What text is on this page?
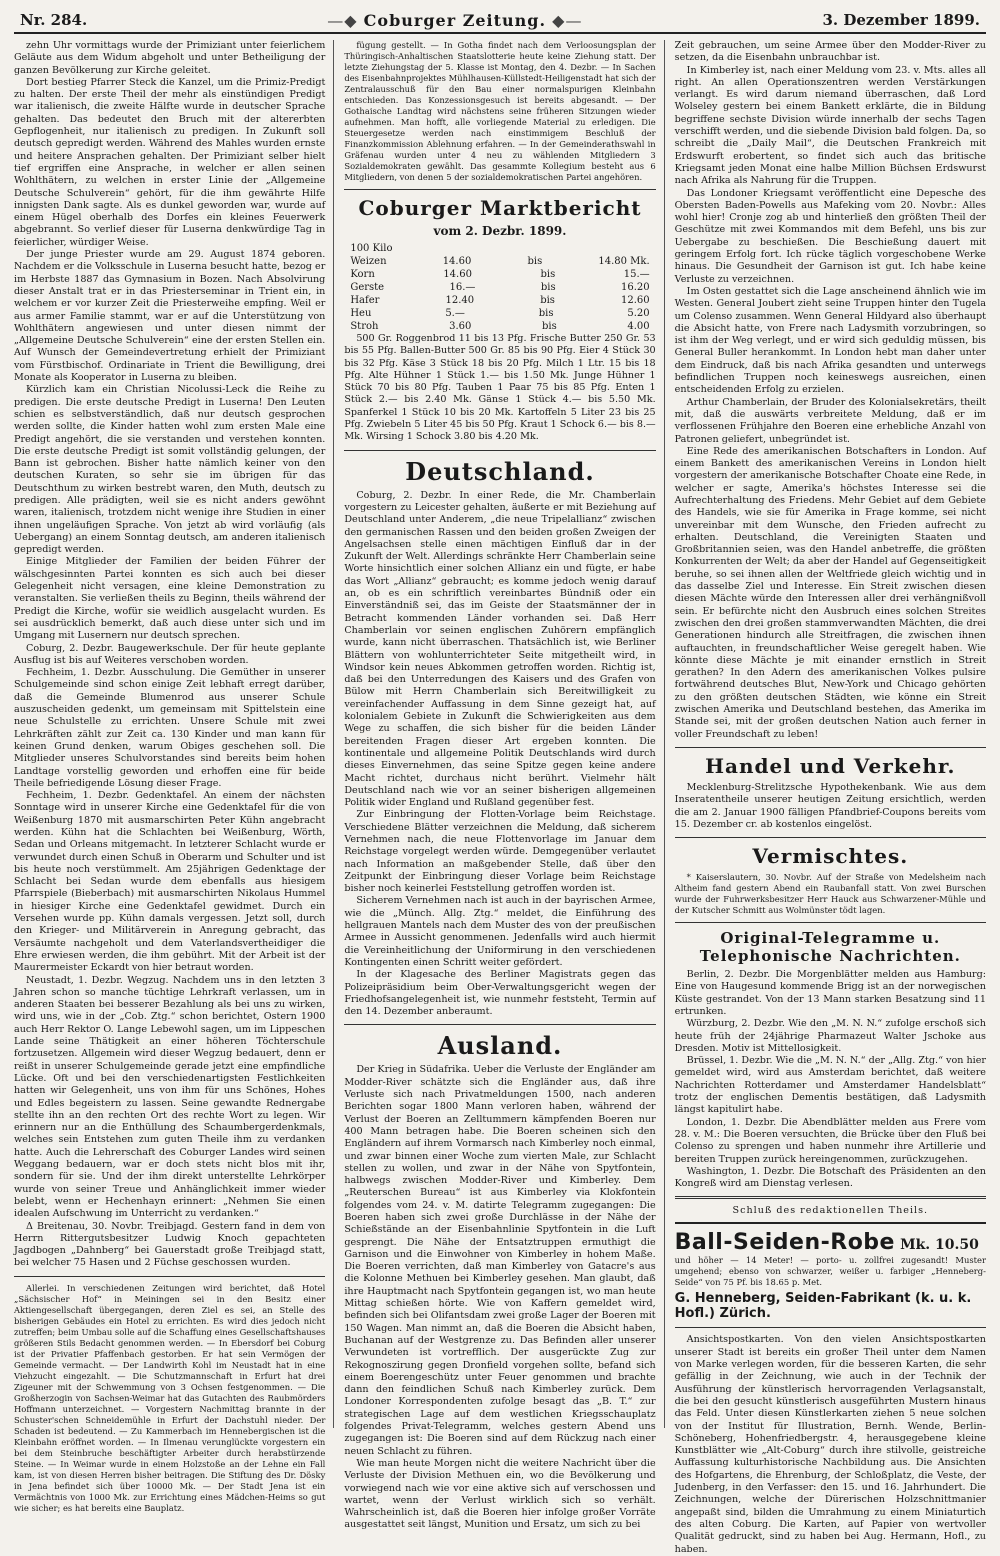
Nr. 284.	—◆ Coburger Zeitung. ◆—	3. Dezember 1899.

zehn Uhr vormittags wurde der Primiziant unter feierlichem Geläute aus dem Widum abgeholt und unter Betheiligung der ganzen Bevölkerung zur Kirche geleitet.

Dort bestieg Pfarrer Steck die Kanzel, um die Primiz-Predigt zu halten. Der erste Theil der mehr als einstündigen Predigt war italienisch, die zweite Hälfte wurde in deutscher Sprache gehalten. Das bedeutet den Bruch mit der altererbten Gepflogenheit, nur italienisch zu predigen. In Zukunft soll deutsch gepredigt werden. Während des Mahles wurden ernste und heitere Ansprachen gehalten. Der Primiziant selber hielt tief ergriffen eine Ansprache, in welcher er allen seinen Wohlthätern, zu welchen in erster Linie der „Allgemeine Deutsche Schulverein“ gehört, für die ihm gewährte Hilfe innigsten Dank sagte. Als es dunkel geworden war, wurde auf einem Hügel oberhalb des Dorfes ein kleines Feuerwerk abgebrannt. So verlief dieser für Luserna denkwürdige Tag in feierlicher, würdiger Weise.

Der junge Priester wurde am 29. August 1874 geboren. Nachdem er die Volksschule in Luserna besucht hatte, bezog er im Herbste 1887 das Gymnasium in Bozen. Nach Absolvirung dieser Anstalt trat er in das Priesterseminar in Trient ein, in welchem er vor kurzer Zeit die Priesterweihe empfing. Weil er aus armer Familie stammt, war er auf die Unterstützung von Wohlthätern angewiesen und unter diesen nimmt der „Allgemeine Deutsche Schulverein“ eine der ersten Stellen ein. Auf Wunsch der Gemeindevertretung erhielt der Primiziant vom Fürstbischof. Ordinariate in Trient die Bewilligung, drei Monate als Kooperator in Luserna zu bleiben.

Kürzlich kam ein Christian Nicolussi-Leck die Reihe zu predigen. Die erste deutsche Predigt in Luserna! Den Leuten schien es selbstverständlich, daß nur deutsch gesprochen werden sollte, die Kinder hatten wohl zum ersten Male eine Predigt angehört, die sie verstanden und verstehen konnten. Die erste deutsche Predigt ist somit vollständig gelungen, der Bann ist gebrochen. Bisher hatte nämlich keiner von den deutschen Kuraten, so sehr sie im übrigen für das Deutschthum zu wirken bestrebt waren, den Muth, deutsch zu predigen. Alle prädigten, weil sie es nicht anders gewöhnt waren, italienisch, trotzdem nicht wenige ihre Studien in einer ihnen ungeläufigen Sprache. Von jetzt ab wird vorläufig (als Uebergang) an einem Sonntag deutsch, am anderen italienisch gepredigt werden.

Einige Mitglieder der Familien der beiden Führer der wälschgesinnten Partei konnten es sich auch bei dieser Gelegenheit nicht versagen, eine kleine Demonstration zu veranstalten. Sie verließen theils zu Beginn, theils während der Predigt die Kirche, wofür sie weidlich ausgelacht wurden. Es sei ausdrücklich bemerkt, daß auch diese unter sich und im Umgang mit Lusernern nur deutsch sprechen.

Coburg, 2. Dezbr. Baugewerkschule. Der für heute geplante Ausflug ist bis auf Weiteres verschoben worden.

Fechheim, 1. Dezbr. Ausschulung. Die Gemüther in unserer Schulgemeinde sind schon einige Zeit lebhaft erregt darüber, daß die Gemeinde Blumenrod aus unserer Schule auszuscheiden gedenkt, um gemeinsam mit Spittelstein eine neue Schulstelle zu errichten. Unsere Schule mit zwei Lehrkräften zählt zur Zeit ca. 130 Kinder und man kann für keinen Grund denken, warum Obiges geschehen soll. Die Mitglieder unseres Schulvorstandes sind bereits beim hohen Landtage vorstellig geworden und erhoffen eine für beide Theile befriedigende Lösung dieser Frage.

Fechheim, 1. Dezbr. Gedenktafel. An einem der nächsten Sonntage wird in unserer Kirche eine Gedenktafel für die von Weißenburg 1870 mit ausmarschirten Peter Kühn angebracht werden. Kühn hat die Schlachten bei Weißenburg, Wörth, Sedan und Orleans mitgemacht. In letzterer Schlacht wurde er verwundet durch einen Schuß in Oberarm und Schulter und ist bis heute noch verstümmelt. Am 25jährigen Gedenktage der Schlacht bei Sedan wurde dem ebenfalls aus hiesigem Pfarrspiele (Bieberbach) mit ausmarschirten Nikolaus Hummel in hiesiger Kirche eine Gedenktafel gewidmet. Durch ein Versehen wurde pp. Kühn damals vergessen. Jetzt soll, durch den Krieger- und Militärverein in Anregung gebracht, das Versäumte nachgeholt und dem Vaterlandsvertheidiger die Ehre erwiesen werden, die ihm gebührt. Mit der Arbeit ist der Maurermeister Eckardt von hier betraut worden.

Neustadt, 1. Dezbr. Wegzug. Nachdem uns in den letzten 3 Jahren schon so manche tüchtige Lehrkraft verlassen, um in anderen Staaten bei besserer Bezahlung als bei uns zu wirken, wird uns, wie in der „Cob. Ztg.“ schon berichtet, Ostern 1900 auch Herr Rektor O. Lange Lebewohl sagen, um im Lippeschen Lande seine Thätigkeit an einer höheren Töchterschule fortzusetzen. Allgemein wird dieser Wegzug bedauert, denn er reißt in unserer Schulgemeinde gerade jetzt eine empfindliche Lücke. Oft und bei den verschiedenartigsten Festlichkeiten hatten wir Gelegenheit, uns von ihm für uns Schönes, Hohes und Edles begeistern zu lassen. Seine gewandte Rednergabe stellte ihn an den rechten Ort des rechte Wort zu legen. Wir erinnern nur an die Enthüllung des Schaumbergerdenkmals, welches sein Entstehen zum guten Theile ihm zu verdanken hatte. Auch die Lehrerschaft des Coburger Landes wird seinen Weggang bedauern, war er doch stets nicht blos mit ihr, sondern für sie. Und der ihm direkt unterstellte Lehrkörper wurde von seiner Treue und Anhänglichkeit immer wieder belebt, wenn er Hechenhayn erinnert: „Nehmen Sie einen idealen Aufschwung im Unterricht zu verdanken.“

Δ Breitenau, 30. Novbr. Treibjagd. Gestern fand in dem von Herrn Rittergutsbesitzer Ludwig Knoch gepachteten Jagdbogen „Dahnberg“ bei Gauerstadt große Treibjagd statt, bei welcher 75 Hasen und 2 Füchse geschossen wurden.

Allerlei. In verschiedenen Zeitungen wird berichtet, daß Hotel „Sächsischer Hof“ in Meiningen sei in den Besitz einer Aktiengesellschaft übergegangen, deren Ziel es sei, an Stelle des bisherigen Gebäudes ein Hotel zu errichten. Es wird dies jedoch nicht zutreffen; beim Umbau solle auf die Schaffung eines Gesellschaftshauses größeren Stils Bedacht genommen werden. — In Ebersdorf bei Coburg ist der Privatier Pfaffenbach gestorben. Er hat sein Vermögen der Gemeinde vermacht. — Der Landwirth Kohl im Neustadt hat in eine Viehzucht eingezahlt. — Die Schutzmannschaft in Erfurt hat drei Zigeuner mit der Schwemmung von 3 Ochsen festgenommen. — Die Großherzogin von Sachsen-Weimar hat das Gutachten des Raubmörders Hoffmann unterzeichnet. — Vorgestern Nachmittag brannte in der Schuster'schen Schneidemühle in Erfurt der Dachstuhl nieder. Der Schaden ist bedeutend. — Zu Kammerbach im Hennebergischen ist die Kleinbahn eröffnet worden. — In Ilmenau verunglückte vorgestern ein bei dem Steinbruche beschäftigter Arbeiter durch herabstürzende Steine. — In Weimar wurde in einem Holzstoße an der Lehne ein Fall kam, ist von diesen Herren bisher beitragen. Die Stiftung des Dr. Dösky in Jena befindet sich über 10000 Mk. — Der Stadt Jena ist ein Vermächtnis von 1000 Mk. zur Errichtung eines Mädchen-Heims so gut wie sicher; es hat bereits eine Bauplatz.

fügung gestellt. — In Gotha findet nach dem Verloosungsplan der Thüringisch-Anhaltischen Staatslotterie heute keine Ziehung statt. Der letzte Ziehungstag der 5. Klasse ist Montag, den 4. Dezbr. — In Sachen des Eisenbahnprojektes Mühlhausen-Küllstedt-Heiligenstadt hat sich der Zentralausschuß für den Bau einer normalspurigen Kleinbahn entschieden. Das Konzessionsgesuch ist bereits abgesandt. — Der Gothaische Landtag wird nächstens seine früheren Sitzungen wieder aufnehmen. Man hofft, alle vorliegende Material zu erledigen. Die Steuergesetze werden nach einstimmigem Beschluß der Finanzkommission Ablehnung erfahren. — In der Gemeinderathswahl in Gräfenau wurden unter 4 neu zu wählenden Mitgliedern 3 Sozialdemokraten gewählt. Das gesammte Kollegium besteht aus 6 Mitgliedern, von denen 5 der sozialdemokratischen Partei angehören.

Coburger Marktbericht
vom 2. Dezbr. 1899.
100 Kilo
Weizen	14.60	bis	14.80 Mk.
Korn	14.60	bis	15.—
Gerste	16.—	bis	16.20
Hafer	12.40	bis	12.60
Heu	5.—	bis	5.20
Stroh	3.60	bis	4.00

500 Gr. Roggenbrod 11 bis 13 Pfg. Frische Butter 250 Gr. 53 bis 55 Pfg. Ballen-Butter 500 Gr. 85 bis 90 Pfg. Eier 4 Stück 30 bis 32 Pfg. Käse 3 Stück 18 bis 20 Pfg. Milch 1 Ltr. 15 bis 18 Pfg. Alte Hühner 1 Stück 1.— bis 1.50 Mk. Junge Hühner 1 Stück 70 bis 80 Pfg. Tauben 1 Paar 75 bis 85 Pfg. Enten 1 Stück 2.— bis 2.40 Mk. Gänse 1 Stück 4.— bis 5.50 Mk. Spanferkel 1 Stück 10 bis 20 Mk. Kartoffeln 5 Liter 23 bis 25 Pfg. Zwiebeln 5 Liter 45 bis 50 Pfg. Kraut 1 Schock 6.— bis 8.— Mk. Wirsing 1 Schock 3.80 bis 4.20 Mk.

Deutschland.

Coburg, 2. Dezbr. In einer Rede, die Mr. Chamberlain vorgestern zu Leicester gehalten, äußerte er mit Beziehung auf Deutschland unter Anderem, „die neue Tripelallianz“ zwischen den germanischen Rassen und den beiden großen Zweigen der Angelsachsen stelle einen mächtigen Einfluß dar in der Zukunft der Welt. Allerdings schränkte Herr Chamberlain seine Worte hinsichtlich einer solchen Allianz ein und fügte, er habe das Wort „Allianz“ gebraucht; es komme jedoch wenig darauf an, ob es ein schriftlich vereinbartes Bündniß oder ein Einverständniß sei, das im Geiste der Staatsmänner der in Betracht kommenden Länder vorhanden sei. Daß Herr Chamberlain vor seinen englischen Zuhörern empfänglich wurde, kann nicht überraschen. Thatsächlich ist, wie Berliner Blättern von wohlunterrichteter Seite mitgetheilt wird, in Windsor kein neues Abkommen getroffen worden. Richtig ist, daß bei den Unterredungen des Kaisers und des Grafen von Bülow mit Herrn Chamberlain sich Bereitwilligkeit zu vereinfachender Auffassung in dem Sinne gezeigt hat, auf kolonialem Gebiete in Zukunft die Schwierigkeiten aus dem Wege zu schaffen, die sich bisher für die beiden Länder bereitenden Fragen dieser Art ergeben konnten. Die kontinentale und allgemeine Politik Deutschlands wird durch dieses Einvernehmen, das seine Spitze gegen keine andere Macht richtet, durchaus nicht berührt. Vielmehr hält Deutschland nach wie vor an seiner bisherigen allgemeinen Politik wider England und Rußland gegenüber fest.

Zur Einbringung der Flotten-Vorlage beim Reichstage. Verschiedene Blätter verzeichnen die Meldung, daß sicherem Vernehmen nach, die neue Flottenvorlage im Januar dem Reichstage vorgelegt werden würde. Demgegenüber verlautet nach Information an maßgebender Stelle, daß über den Zeitpunkt der Einbringung dieser Vorlage beim Reichstage bisher noch keinerlei Feststellung getroffen worden ist.

Sicherem Vernehmen nach ist auch in der bayrischen Armee, wie die „Münch. Allg. Ztg.“ meldet, die Einführung des hellgrauen Mantels nach dem Muster des von der preußischen Armee in Aussicht genommenen. Jedenfalls wird auch hiermit die Vereinheitlichung der Uniformirung in den verschiedenen Kontingenten einen Schritt weiter gefördert.

In der Klagesache des Berliner Magistrats gegen das Polizeipräsidium beim Ober-Verwaltungsgericht wegen der Friedhofsangelegenheit ist, wie nunmehr feststeht, Termin auf den 14. Dezember anberaumt.

Ausland.

Der Krieg in Südafrika. Ueber die Verluste der Engländer am Modder-River schätzte sich die Engländer aus, daß ihre Verluste sich nach Privatmeldungen 1500, nach anderen Berichten sogar 1800 Mann verloren haben, während der Verlust der Boeren an Zelltummern kämpfenden Boeren nur 400 Mann betragen habe. Die Boeren scheinen sich den Engländern auf ihrem Vormarsch nach Kimberley noch einmal, und zwar binnen einer Woche zum vierten Male, zur Schlacht stellen zu wollen, und zwar in der Nähe von Spytfontein, halbwegs zwischen Modder-River und Kimberley. Dem „Reuterschen Bureau“ ist aus Kimberley via Klokfontein folgendes vom 24. v. M. datirte Telegramm zugegangen: Die Boeren haben sich zwei große Durchlässe in der Nähe der Schießstände an der Eisenbahnlinie Spytfontein in die Luft gesprengt. Die Nähe der Entsatztruppen ermuthigt die Garnison und die Einwohner von Kimberley in hohem Maße. Die Boeren verrichten, daß man Kimberley von Gatacre's aus die Kolonne Methuen bei Kimberley gesehen. Man glaubt, daß ihre Hauptmacht nach Spytfontein gegangen ist, wo man heute Mittag schießen hörte. Wie von Kaffern gemeldet wird, befinden sich bei Olifantsdam zwei große Lager der Boeren mit 150 Wagen. Man nimmt an, daß die Boeren die Absicht haben, Buchanan auf der Westgrenze zu. Das Befinden aller unserer Verwundeten ist vortrefflich. Der ausgerückte Zug zur Rekognoszirung gegen Dronfield vorgehen sollte, befand sich einem Boerengeschütz unter Feuer genommen und brachte dann den feindlichen Schuß nach Kimberley zurück. Dem Londoner Korrespondenten zufolge besagt das „B. T.“ zur strategischen Lage auf dem westlichen Kriegsschauplatz folgendes Privat-Telegramm, welches gestern Abend uns zugegangen ist: Die Boeren sind auf dem Rückzug nach einer neuen Schlacht zu führen.

Wie man heute Morgen nicht die weitere Nachricht über die Verluste der Division Methuen ein, wo die Bevölkerung und vorwiegend nach wie vor eine aktive sich auf verschossen und wartet, wenn der Verlust wirklich sich so verhält. Wahrscheinlich ist, daß die Boeren hier infolge großer Vorräte ausgestattet seit längst, Munition und Ersatz, um sich zu bei

Zeit gebrauchen, um seine Armee über den Modder-River zu setzen, da die Eisenbahn unbrauchbar ist.

In Kimberley ist, nach einer Meldung vom 23. v. Mts. alles all right. An allen Operationszentren werden Verstärkungen verlangt. Es wird darum niemand überraschen, daß Lord Wolseley gestern bei einem Bankett erklärte, die in Bildung begriffene sechste Division würde innerhalb der sechs Tagen verschifft werden, und die siebende Division bald folgen. Da, so schreibt die „Daily Mail“, die Deutschen Frankreich mit Erdswurft erobertent, so findet sich auch das britische Kriegsamt jeden Monat eine halbe Million Büchsen Erdswurst nach Afrika als Nahrung für die Truppen.

Das Londoner Kriegsamt veröffentlicht eine Depesche des Obersten Baden-Powells aus Mafeking vom 20. Novbr.: Alles wohl hier! Cronje zog ab und hinterließ den größten Theil der Geschütze mit zwei Kommandos mit dem Befehl, uns bis zur Uebergabe zu beschießen. Die Beschießung dauert mit geringem Erfolg fort. Ich rücke täglich vorgeschobene Werke hinaus. Die Gesundheit der Garnison ist gut. Ich habe keine Verluste zu verzeichnen.

Im Osten gestattet sich die Lage anscheinend ähnlich wie im Westen. General Joubert zieht seine Truppen hinter den Tugela um Colenso zusammen. Wenn General Hildyard also überhaupt die Absicht hatte, von Frere nach Ladysmith vorzubringen, so ist ihm der Weg verlegt, und er wird sich geduldig müssen, bis General Buller herankommt. In London hebt man daher unter dem Eindruck, daß bis nach Afrika gesandten und unterwegs befindlichen Truppen noch keineswegs ausreichen, einen entscheidenden Erfolg zu erzielen.

Arthur Chamberlain, der Bruder des Kolonialsekretärs, theilt mit, daß die auswärts verbreitete Meldung, daß er im verflossenen Frühjahre den Boeren eine erhebliche Anzahl von Patronen geliefert, unbegründet ist.

Eine Rede des amerikanischen Botschafters in London. Auf einem Bankett des amerikanischen Vereins in London hielt vorgestern der amerikanische Botschafter Choate eine Rede, in welcher er sagte, Amerika's höchstes Interesse sei die Aufrechterhaltung des Friedens. Mehr Gebiet auf dem Gebiete des Handels, wie sie für Amerika in Frage komme, sei nicht unvereinbar mit dem Wunsche, den Frieden aufrecht zu erhalten. Deutschland, die Vereinigten Staaten und Großbritannien seien, was den Handel anbetreffe, die größten Konkurrenten der Welt; da aber der Handel auf Gegenseitigkeit beruhe, so sei ihnen allen der Weltfriede gleich wichtig und in das dasselbe Ziel und Interesse. Ein Streit zwischen diesen diesen Mächte würde den Interessen aller drei verhängnißvoll sein. Er befürchte nicht den Ausbruch eines solchen Streites zwischen den drei großen stammverwandten Mächten, die drei Generationen hindurch alle Streitfragen, die zwischen ihnen auftauchten, in freundschaftlicher Weise geregelt haben. Wie könnte diese Mächte je mit einander ernstlich in Streit gerathen? In den Adern des amerikanischen Volkes pulsire fortwährend deutsches Blut, New-York und Chicago gehörten zu den größten deutschen Städten, wie könne ein Streit zwischen Amerika und Deutschland bestehen, das Amerika im Stande sei, mit der großen deutschen Nation auch ferner in voller Freundschaft zu leben!

Handel und Verkehr.

Mecklenburg-Strelitzsche Hypothekenbank. Wie aus dem Inseratentheile unserer heutigen Zeitung ersichtlich, werden die am 2. Januar 1900 fälligen Pfandbrief-Coupons bereits vom 15. Dezember cr. ab kostenlos eingelöst.

Vermischtes.

* Kaiserslautern, 30. Novbr. Auf der Straße von Medelsheim nach Altheim fand gestern Abend ein Raubanfall statt. Von zwei Burschen wurde der Fuhrwerksbesitzer Herr Hauck aus Schwarzener-Mühle und der Kutscher Schmitt aus Wolmünster tödt lagen.

Original-Telegramme u. Telephonische Nachrichten.

Berlin, 2. Dezbr. Die Morgenblätter melden aus Hamburg: Eine von Haugesund kommende Brigg ist an der norwegischen Küste gestrandet. Von der 13 Mann starken Besatzung sind 11 ertrunken.

Würzburg, 2. Dezbr. Wie den „M. N. N.“ zufolge erschoß sich heute früh der 24jährige Pharmazeut Walter Jschoke aus Dresden. Motiv ist Mittellosigkeit.

Brüssel, 1. Dezbr. Wie die „M. N. N.“ der „Allg. Ztg.“ von hier gemeldet wird, wird aus Amsterdam berichtet, daß weitere Nachrichten Rotterdamer und Amsterdamer Handelsblatt“ trotz der englischen Dementis bestätigen, daß Ladysmith längst kapitulirt habe.

London, 1. Dezbr. Die Abendblätter melden aus Frere vom 28. v. M.: Die Boeren versuchten, die Brücke über den Fluß bei Colenso zu sprengen und haben nunmehr ihre Artillerie und bereiten Truppen zurück hereingenommen, zurückzugehen.

Washington, 1. Dezbr. Die Botschaft des Präsidenten an den Kongreß wird am Dienstag verlesen.

Schluß des redaktionellen Theils.
Ball-Seiden-Robe Mk. 10.50

und höher — 14 Meter! — porto- u. zollfrei zugesandt! Muster umgehend; ebenso von schwarzer, weißer u. farbiger „Henneberg-Seide“ von 75 Pf. bis 18.65 p. Met.

G. Henneberg, Seiden-Fabrikant (k. u. k. Hofl.) Zürich.

Ansichtspostkarten. Von den vielen Ansichtspostkarten unserer Stadt ist bereits ein großer Theil unter dem Namen von Marke verlegen worden, für die besseren Karten, die sehr gefällig in der Zeichnung, wie auch in der Technik der Ausführung der künstlerisch hervorragenden Verlagsanstalt, die bei den gesucht künstlerisch ausgeführten Mustern hinaus das Feld. Unter diesen Künstlerkarten ziehen 5 neue solchen von der Institut für Illustration, Bernh. Wende, Berlin-Schöneberg, Hohenfriedbergstr. 4, herausgegebene kleine Kunstblätter wie „Alt-Coburg“ durch ihre stilvolle, geistreiche Auffassung kulturhistorische Nachbildung aus. Die Ansichten des Hofgartens, die Ehrenburg, der Schloßplatz, die Veste, der Judenberg, in den Verfasser: den 15. und 16. Jahrhundert. Die Zeichnungen, welche der Dürerischen Holzschnittmanier angepaßt sind, bilden die Umrahmung zu einem Miniaturtich des alten Coburg. Die Karten, auf Papier von wertvoller Qualität gedruckt, sind zu haben bei Aug. Hermann, Hofl., zu haben.
